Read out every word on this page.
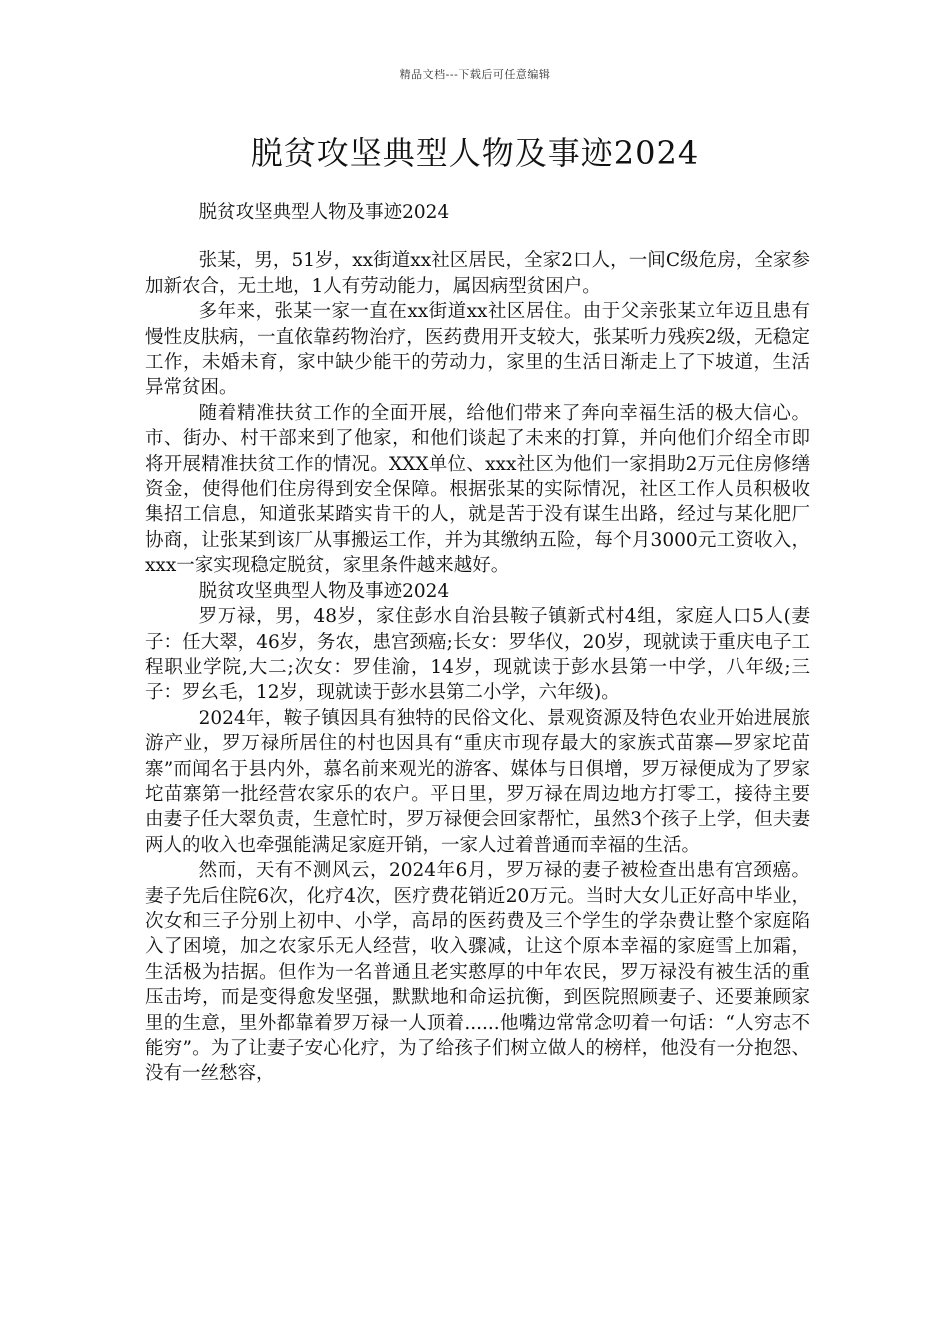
精品文档---下载后可任意编辑
脱贫攻坚典型人物及事迹2024

脱贫攻坚典型人物及事迹2024

张某，男，51岁，xx街道xx社区居民，全家2口人，一间C级危房，全家参加新农合，无土地，1人有劳动能力，属因病型贫困户。

多年来，张某一家一直在xx街道xx社区居住。由于父亲张某立年迈且患有慢性皮肤病，一直依靠药物治疗，医药费用开支较大，张某听力残疾2级，无稳定工作，未婚未育，家中缺少能干的劳动力，家里的生活日渐走上了下坡道，生活异常贫困。

随着精准扶贫工作的全面开展，给他们带来了奔向幸福生活的极大信心。市、街办、村干部来到了他家，和他们谈起了未来的打算，并向他们介绍全市即将开展精准扶贫工作的情况。XXX单位、xxx社区为他们一家捐助2万元住房修缮资金，使得他们住房得到安全保障。根据张某的实际情况，社区工作人员积极收集招工信息，知道张某踏实肯干的人，就是苦于没有谋生出路，经过与某化肥厂协商，让张某到该厂从事搬运工作，并为其缴纳五险，每个月3000元工资收入，xxx一家实现稳定脱贫，家里条件越来越好。

脱贫攻坚典型人物及事迹2024

罗万禄，男，48岁，家住彭水自治县鞍子镇新式村4组，家庭人口5人(妻子：任大翠，46岁，务农，患宫颈癌;长女：罗华仪，20岁，现就读于重庆电子工程职业学院,大二;次女：罗佳渝，14岁，现就读于彭水县第一中学，八年级;三子：罗幺毛，12岁，现就读于彭水县第二小学，六年级)。

2024年，鞍子镇因具有独特的民俗文化、景观资源及特色农业开始进展旅游产业，罗万禄所居住的村也因具有“重庆市现存最大的家族式苗寨—罗家坨苗寨”而闻名于县内外，慕名前来观光的游客、媒体与日俱增，罗万禄便成为了罗家坨苗寨第一批经营农家乐的农户。平日里，罗万禄在周边地方打零工，接待主要由妻子任大翠负责，生意忙时，罗万禄便会回家帮忙，虽然3个孩子上学，但夫妻两人的收入也牵强能满足家庭开销，一家人过着普通而幸福的生活。

然而，天有不测风云，2024年6月，罗万禄的妻子被检查出患有宫颈癌。妻子先后住院6次，化疗4次，医疗费花销近20万元。当时大女儿正好高中毕业，次女和三子分别上初中、小学，高昂的医药费及三个学生的学杂费让整个家庭陷入了困境，加之农家乐无人经营，收入骤减，让这个原本幸福的家庭雪上加霜，生活极为拮据。但作为一名普通且老实憨厚的中年农民，罗万禄没有被生活的重压击垮，而是变得愈发坚强，默默地和命运抗衡，到医院照顾妻子、还要兼顾家里的生意，里外都靠着罗万禄一人顶着......他嘴边常常念叨着一句话：“人穷志不能穷”。为了让妻子安心化疗，为了给孩子们树立做人的榜样，他没有一分抱怨、没有一丝愁容，
